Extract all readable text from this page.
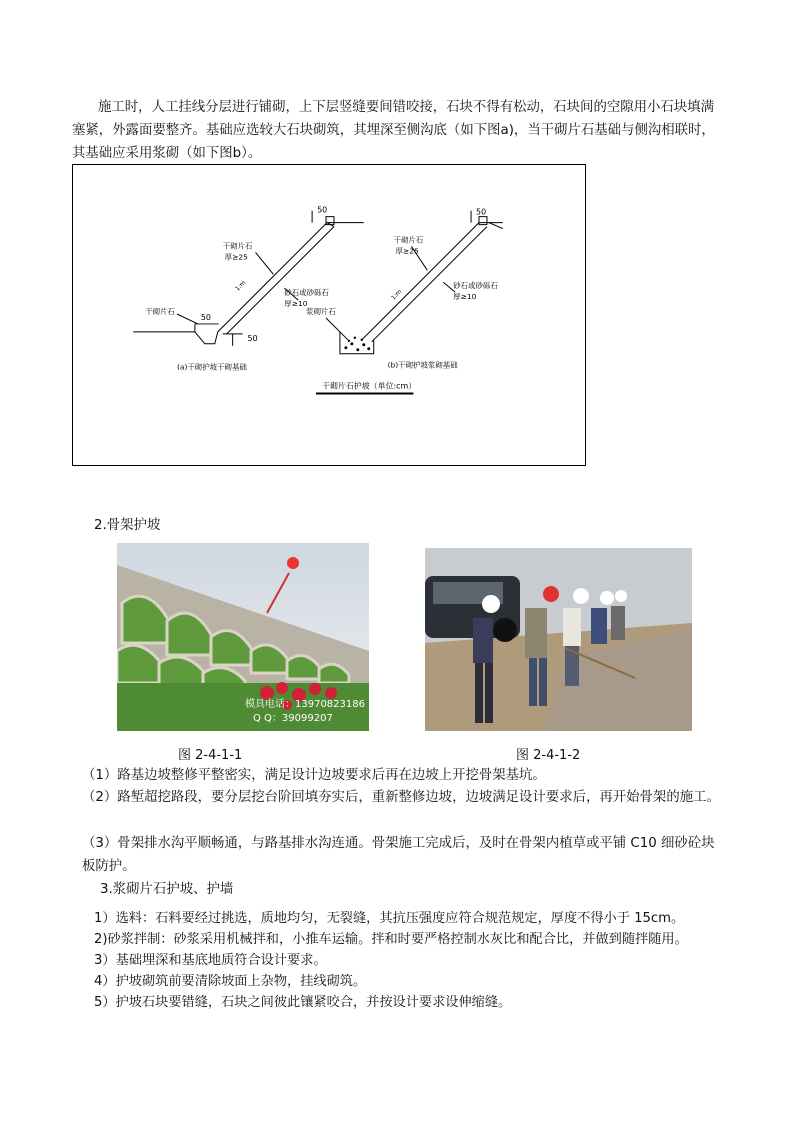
施工时，人工挂线分层进行铺砌，上下层竖缝要间错咬接，石块不得有松动，石块间的空隙用小石块填满塞紧，外露面要整齐。基础应选较大石块砌筑，其埋深至侧沟底（如下图a)，当干砌片石基础与侧沟相联时，其基础应采用浆砌（如下图b）。
50
干砌片石
厚≥25
1:m
砂石或砂砾石
厚≥10
干砌片石
50
50
(a)干砌护坡干砌基础
50
干砌片石
厚≥25
1:m
砂石或砂砾石
厚≥10
浆砌片石
(b)干砌护坡浆砌基础
干砌片石护坡（单位:cm）
2.骨架护坡
模具电话：13970823186
Q Q：39099207
图 2-4-1-1	图 2-4-1-2
（1）路基边坡整修平整密实，满足设计边坡要求后再在边坡上开挖骨架基坑。
（2）路堑超挖路段，要分层挖台阶回填夯实后，重新整修边坡，边坡满足设计要求后，再开始骨架的施工。
（3）骨架排水沟平顺畅通，与路基排水沟连通。骨架施工完成后，及时在骨架内植草或平铺 C10 细砂砼块板防护。
3.浆砌片石护坡、护墙
1）选料：石料要经过挑选，质地均匀，无裂缝，其抗压强度应符合规范规定，厚度不得小于 15cm。
2)砂浆拌制：砂浆采用机械拌和，小推车运输。拌和时要严格控制水灰比和配合比，并做到随拌随用。
3）基础埋深和基底地质符合设计要求。
4）护坡砌筑前要清除坡面上杂物，挂线砌筑。
5）护坡石块要错缝，石块之间彼此镶紧咬合，并按设计要求设伸缩缝。
